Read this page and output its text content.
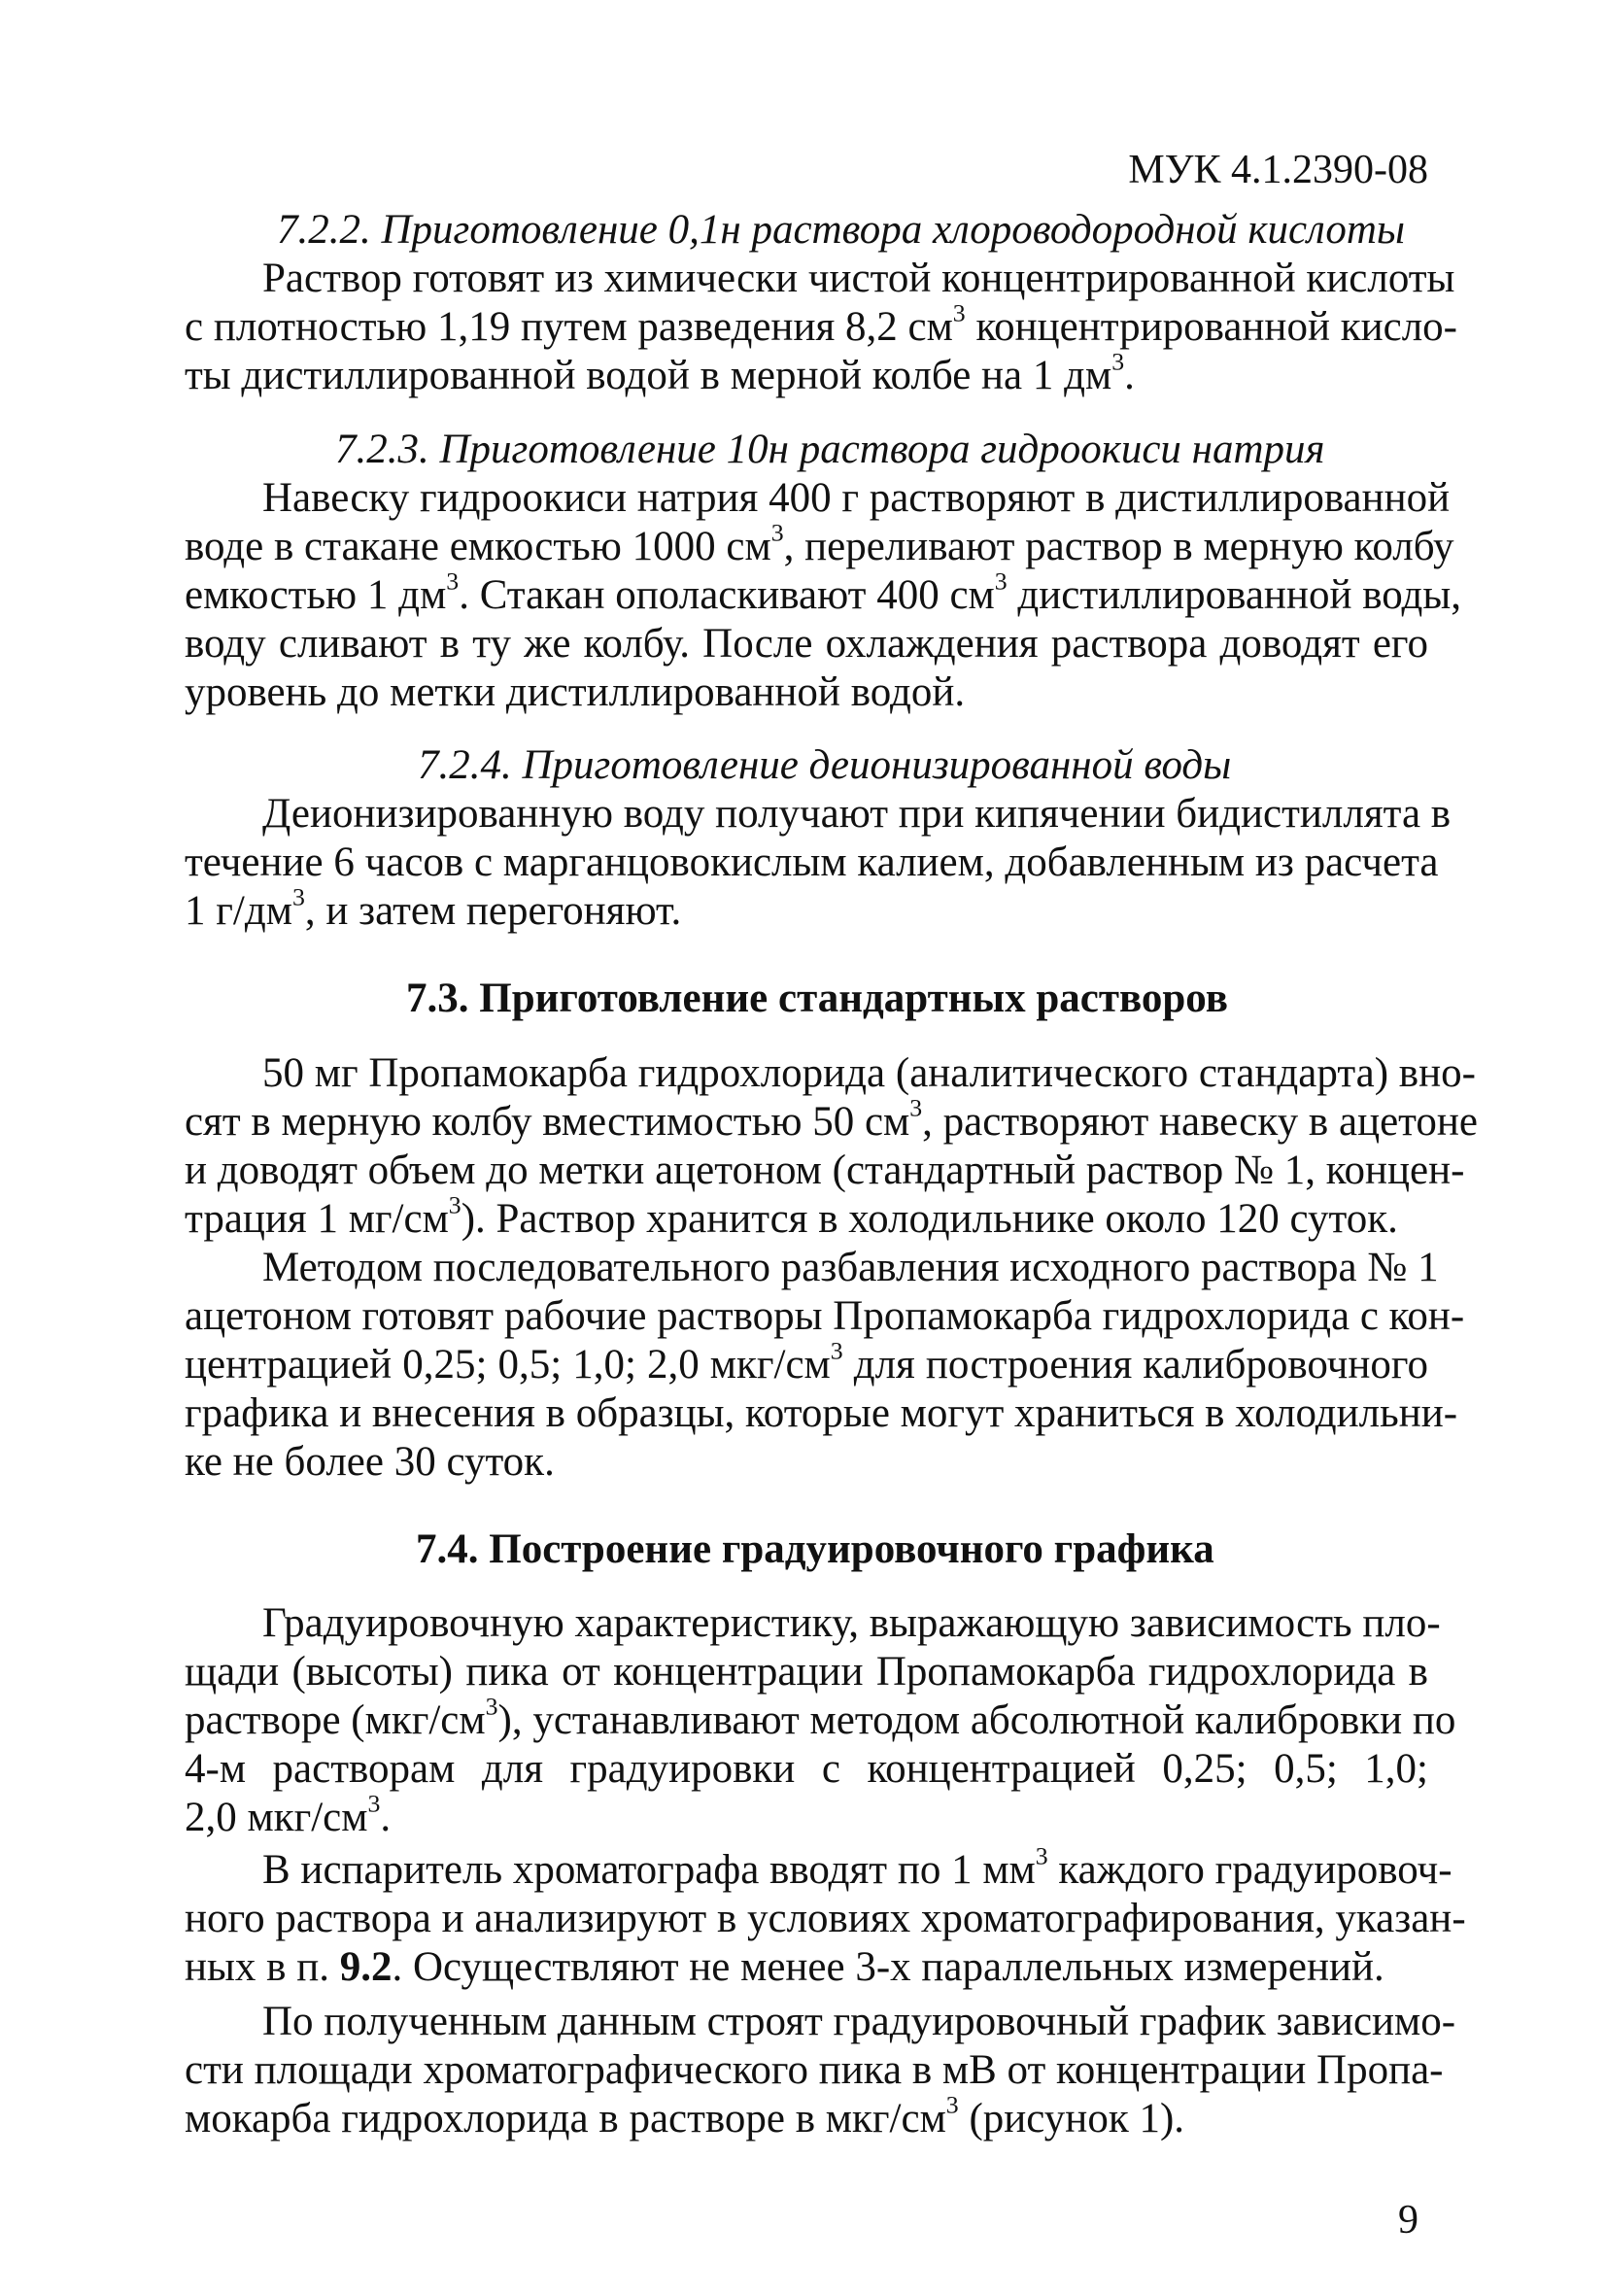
МУК 4.1.2390-08
7.2.2. Приготовление 0,1н раствора хлороводородной кислоты
Раствор готовят из химически чистой концентрированной кислоты
с плотностью 1,19 путем разведения 8,2 $см^3$ концентрированной кисло-
ты дистиллированной водой в мерной колбе на 1 $дм^3$.
7.2.3. Приготовление 10н раствора гидроокиси натрия
Навеску гидроокиси натрия 400 г растворяют в дистиллированной
воде в стакане емкостью 1000 $см^3$, переливают раствор в мерную колбу
емкостью 1 $дм^3$. Стакан ополаскивают 400 $см^3$ дистиллированной воды,
воду сливают в ту же колбу. После охлаждения раствора доводят его
уровень до метки дистиллированной водой.
7.2.4. Приготовление деионизированной воды
Деионизированную воду получают при кипячении бидистиллята в
течение 6 часов с марганцовокислым калием, добавленным из расчета
1 $г/дм^3$, и затем перегоняют.
7.3. Приготовление стандартных растворов
50 мг Пропамокарба гидрохлорида (аналитического стандарта) вно-
сят в мерную колбу вместимостью 50 $см^3$, растворяют навеску в ацетоне
и доводят объем до метки ацетоном (стандартный раствор № 1, концен-
трация 1 $мг/см^3$). Раствор хранится в холодильнике около 120 суток.
Методом последовательного разбавления исходного раствора № 1
ацетоном готовят рабочие растворы Пропамокарба гидрохлорида с кон-
центрацией 0,25; 0,5; 1,0; 2,0 мкг/$см^3$ для построения калибровочного
графика и внесения в образцы, которые могут храниться в холодильни-
ке не более 30 суток.
7.4. Построение градуировочного графика
Градуировочную характеристику, выражающую зависимость пло-
щади (высоты) пика от концентрации Пропамокарба гидрохлорида в
растворе $(мкг/см^3)$, устанавливают методом абсолютной калибровки по
4-м растворам для градуировки с концентрацией 0,25; 0,5; 1,0;
2,0 мкг/$см^3$.
В испаритель хроматографа вводят по 1 $мм^3$ каждого градуировоч-
ного раствора и анализируют в условиях хроматографирования, указан-
ных в п. 9.2. Осуществляют не менее 3-х параллельных измерений.
По полученным данным строят градуировочный график зависимо-
сти площади хроматографического пика в мВ от концентрации Пропа-
мокарба гидрохлорида в растворе в мкг/$см^3$ (рисунок 1).
9
